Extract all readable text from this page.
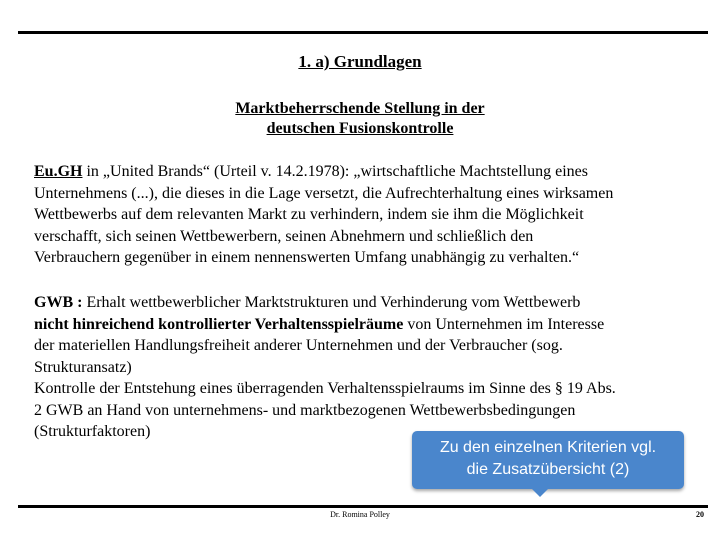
1. a) Grundlagen
Marktbeherrschende Stellung in der
deutschen Fusionskontrolle
Eu.GH in „United Brands“ (Urteil v. 14.2.1978): „wirtschaftliche Machtstellung eines
Unternehmens (...), die dieses in die Lage versetzt, die Aufrechterhaltung eines wirksamen
Wettbewerbs auf dem relevanten Markt zu verhindern, indem sie ihm die Möglichkeit
verschafft, sich seinen Wettbewerbern, seinen Abnehmern und schließlich den
Verbrauchern gegenüber in einem nennenswerten Umfang unabhängig zu verhalten.“
GWB : Erhalt wettbewerblicher Marktstrukturen und Verhinderung vom Wettbewerb
nicht hinreichend kontrollierter Verhaltensspielräume von Unternehmen im Interesse
der materiellen Handlungsfreiheit anderer Unternehmen und der Verbraucher (sog.
Strukturansatz)
Kontrolle der Entstehung eines überragenden Verhaltensspielraums im Sinne des § 19 Abs.
2 GWB an Hand von unternehmens- und marktbezogenen Wettbewerbsbedingungen
(Strukturfaktoren)
Zu den einzelnen Kriterien vgl.
die Zusatzübersicht (2)
Dr. Romina Polley	20
